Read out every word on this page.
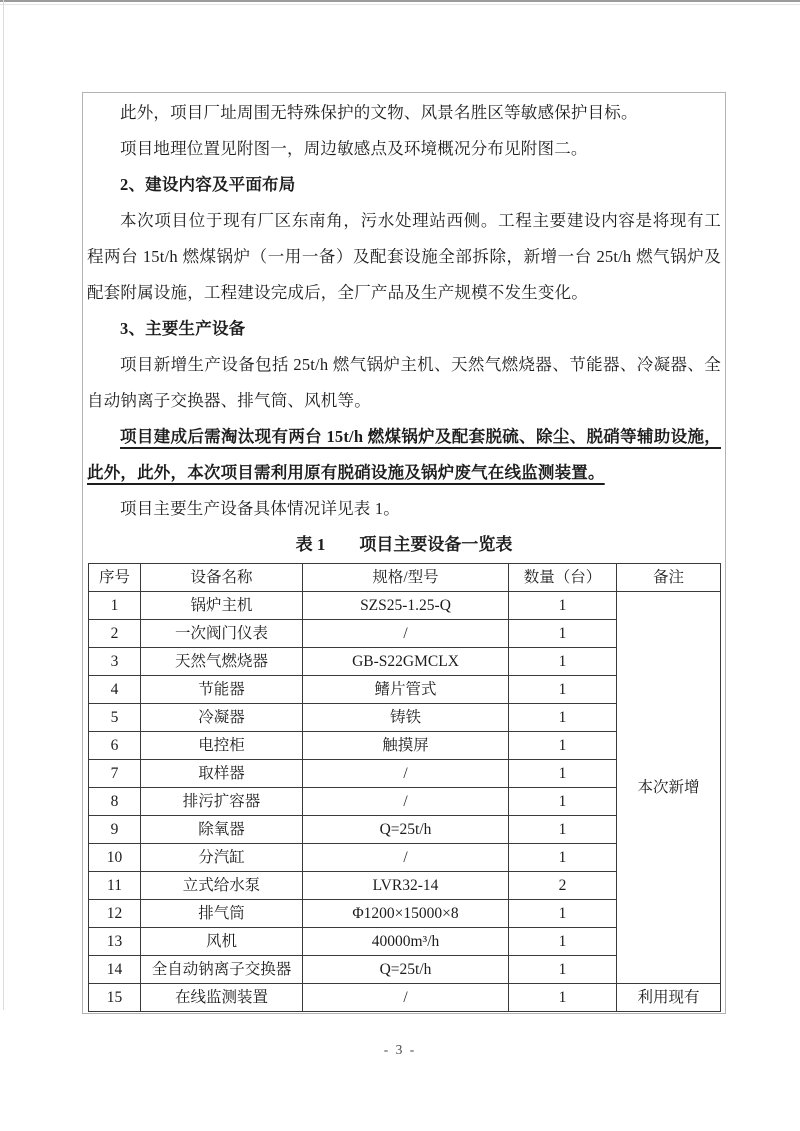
此外，项目厂址周围无特殊保护的文物、风景名胜区等敏感保护目标。

项目地理位置见附图一，周边敏感点及环境概况分布见附图二。

2、建设内容及平面布局

本次项目位于现有厂区东南角，污水处理站西侧。工程主要建设内容是将现有工程两台 15t/h 燃煤锅炉（一用一备）及配套设施全部拆除，新增一台 25t/h 燃气锅炉及配套附属设施，工程建设完成后，全厂产品及生产规模不发生变化。

3、主要生产设备

项目新增生产设备包括 25t/h 燃气锅炉主机、天然气燃烧器、节能器、冷凝器、全自动钠离子交换器、排气筒、风机等。

项目建成后需淘汰现有两台 15t/h 燃煤锅炉及配套脱硫、除尘、脱硝等辅助设施，此外，此外，本次项目需利用原有脱硝设施及锅炉废气在线监测装置。

项目主要生产设备具体情况详见表 1。

表 1 项目主要设备一览表

序号	设备名称	规格/型号	数量（台）	备注
1	锅炉主机	SZS25-1.25-Q	1	本次新增
2	一次阀门仪表	/	1	
3	天然气燃烧器	GB-S22GMCLX	1	
4	节能器	鳍片管式	1	
5	冷凝器	铸铁	1	
6	电控柜	触摸屏	1	
7	取样器	/	1	
8	排污扩容器	/	1	
9	除氧器	Q=25t/h	1	
10	分汽缸	/	1	
11	立式给水泵	LVR32-14	2	
12	排气筒	Φ1200×15000×8	1	
13	风机	40000m³/h	1	
14	全自动钠离子交换器	Q=25t/h	1	
15	在线监测装置	/	1	利用现有
- 3 -
